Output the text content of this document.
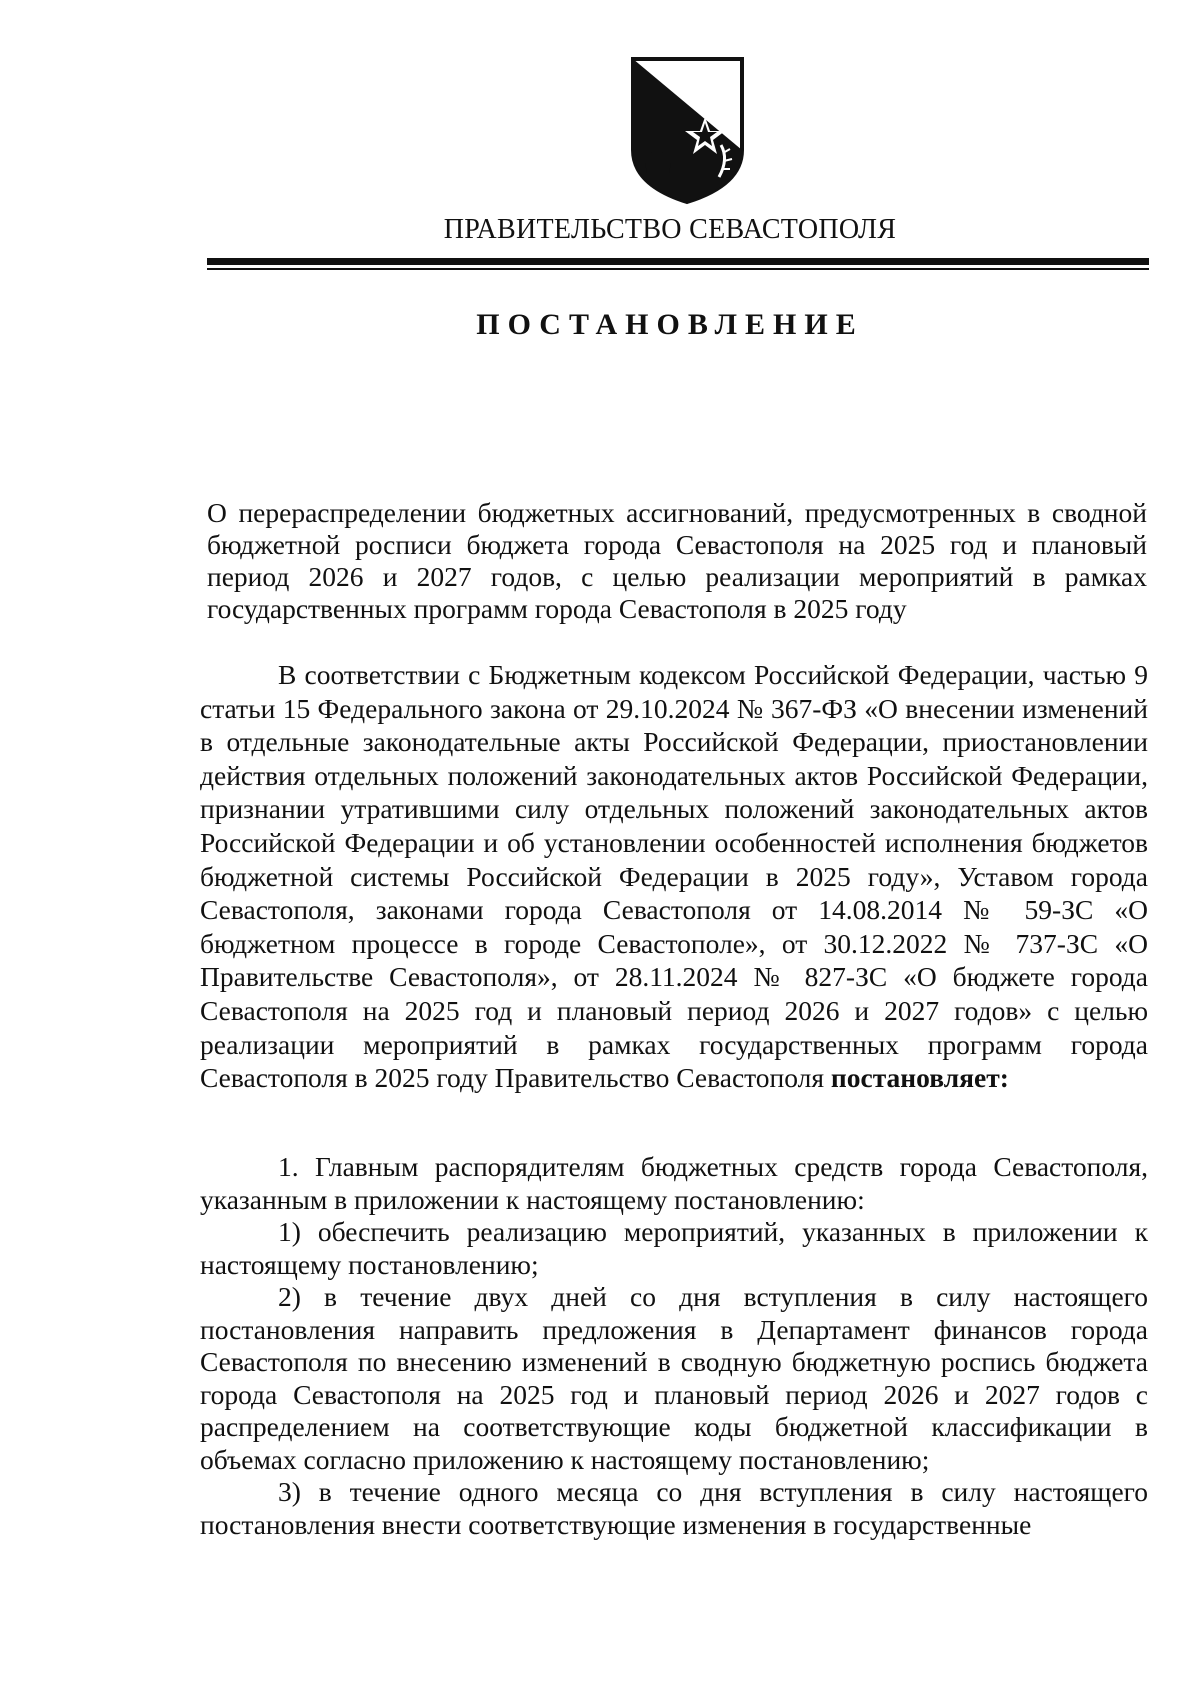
ПРАВИТЕЛЬСТВО СЕВАСТОПОЛЯ
ПОСТАНОВЛЕНИЕ
О перераспределении бюджетных ассигнований, предусмотренных в сводной бюджетной росписи бюджета города Севастополя на 2025 год и плановый период 2026 и 2027 годов, с целью реализации мероприятий в рамках государственных программ города Севастополя в 2025 году

В соответствии с Бюджетным кодексом Российской Федерации, частью 9 статьи 15 Федерального закона от 29.10.2024 № 367-ФЗ «О внесении изменений в отдельные законодательные акты Российской Федерации, приостановлении действия отдельных положений законодательных актов Российской Федерации, признании утратившими силу отдельных положений законодательных актов Российской Федерации и об установлении особенностей исполнения бюджетов бюджетной системы Российской Федерации в 2025 году», Уставом города Севастополя, законами города Севастополя от 14.08.2014 № 59-ЗС «О бюджетном процессе в городе Севастополе», от 30.12.2022 № 737-ЗС «О Правительстве Севастополя», от 28.11.2024 № 827-ЗС «О бюджете города Севастополя на 2025 год и плановый период 2026 и 2027 годов» с целью реализации мероприятий в рамках государственных программ города Севастополя в 2025 году Правительство Севастополя постановляет:

1. Главным распорядителям бюджетных средств города Севастополя, указанным в приложении к настоящему постановлению:

1) обеспечить реализацию мероприятий, указанных в приложении к настоящему постановлению;

2) в течение двух дней со дня вступления в силу настоящего постановления направить предложения в Департамент финансов города Севастополя по внесению изменений в сводную бюджетную роспись бюджета города Севастополя на 2025 год и плановый период 2026 и 2027 годов с распределением на соответствующие коды бюджетной классификации в объемах согласно приложению к настоящему постановлению;

3) в течение одного месяца со дня вступления в силу настоящего постановления внести соответствующие изменения в государственные
